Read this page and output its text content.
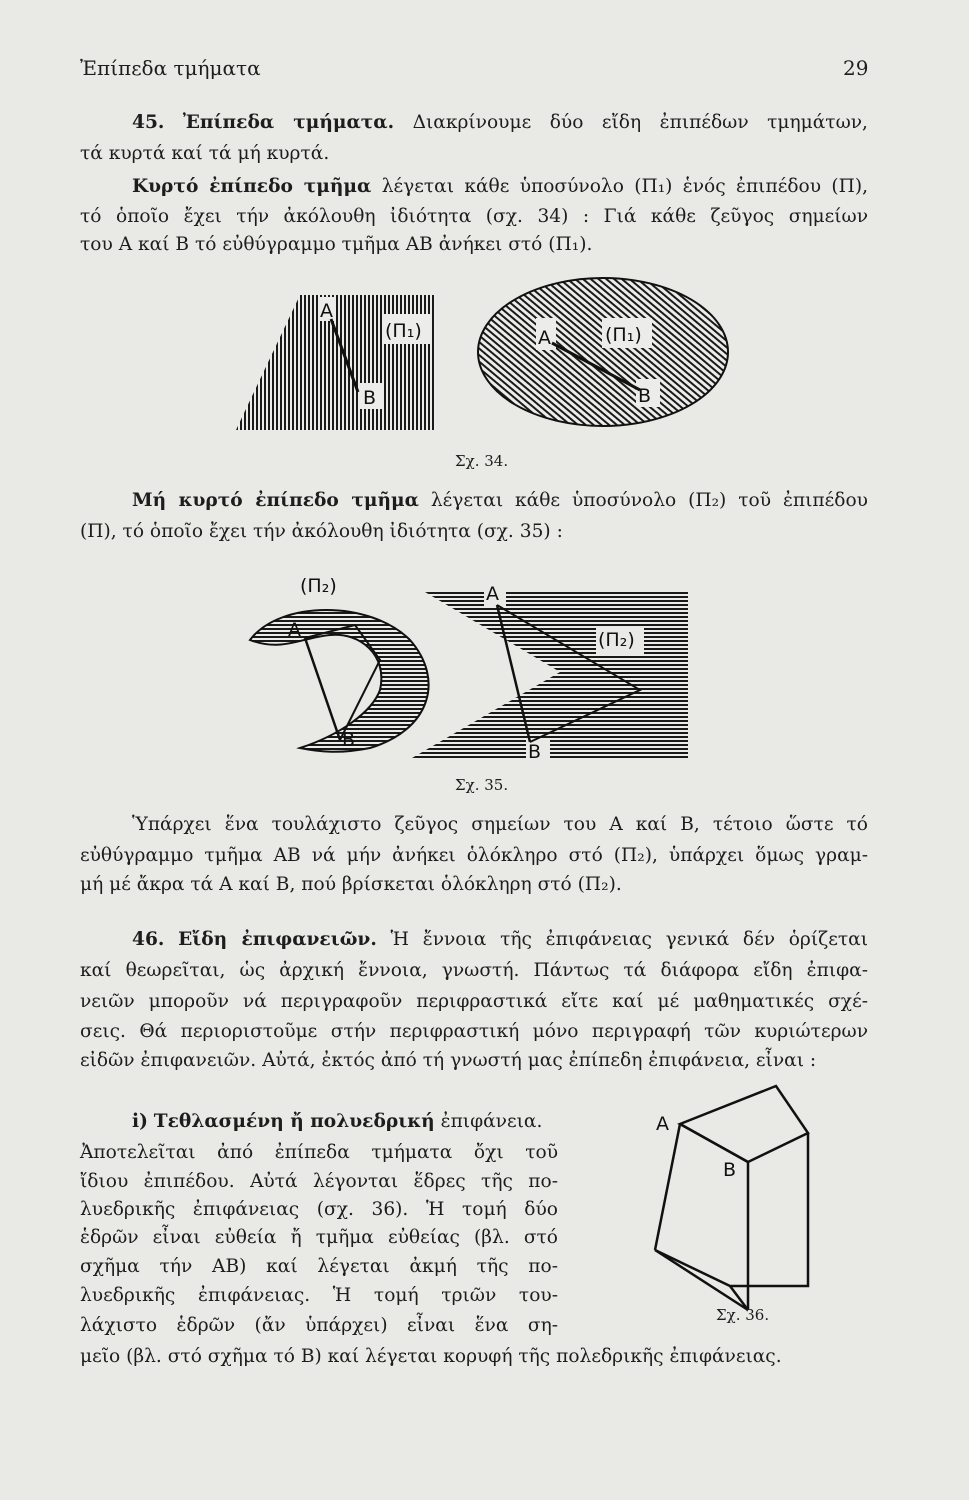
Ἐπίπεδα τμήματα	29
45. Ἐπίπεδα τμήματα. Διακρίνουμε δύο εἴδη ἐπιπέδων τμημάτων,
τά κυρτά καί τά μή κυρτά.
Κυρτό ἐπίπεδο τμῆμα λέγεται κάθε ὑποσύνολο (Π₁) ἑνός ἐπιπέδου (Π),
τό ὁποῖο ἔχει τήν ἀκόλουθη ἰδιότητα (σχ. 34) : Γιά κάθε ζεῦγος σημείων
του Α καί Β τό εὐθύγραμμο τμῆμα ΑΒ ἀνήκει στό (Π₁).
A
B
(Π₁)	A
B
(Π₁)
Σχ. 34.
Μή κυρτό ἐπίπεδο τμῆμα λέγεται κάθε ὑποσύνολο (Π₂) τοῦ ἐπιπέδου
(Π), τό ὁποῖο ἔχει τήν ἀκόλουθη ἰδιότητα (σχ. 35) :
A
B
(Π₂)	A
B
(Π₂)
Σχ. 35.
Ὑπάρχει ἕνα τουλάχιστο ζεῦγος σημείων του Α καί Β, τέτοιο ὥστε τό
εὐθύγραμμο τμῆμα ΑΒ νά μήν ἀνήκει ὁλόκληρο στό (Π₂), ὑπάρχει ὅμως γραμ-
μή μέ ἄκρα τά Α καί Β, πού βρίσκεται ὁλόκληρη στό (Π₂).
46. Εἴδη ἐπιφανειῶν. Ἡ ἔννοια τῆς ἐπιφάνειας γενικά δέν ὁρίζεται
καί θεωρεῖται, ὡς ἀρχική ἔννοια, γνωστή. Πάντως τά διάφορα εἴδη ἐπιφα-
νειῶν μποροῦν νά περιγραφοῦν περιφραστικά εἴτε καί μέ μαθηματικές σχέ-
σεις. Θά περιοριστοῦμε στήν περιφραστική μόνο περιγραφή τῶν κυριώτερων
εἰδῶν ἐπιφανειῶν. Αὐτά, ἐκτός ἀπό τή γνωστή μας ἐπίπεδη ἐπιφάνεια, εἶναι :
i) Τεθλασμένη ἤ πολυεδρική ἐπιφάνεια.
Ἀποτελεῖται ἀπό ἐπίπεδα τμήματα ὄχι τοῦ
ἴδιου ἐπιπέδου. Αὐτά λέγονται ἕδρες τῆς πο-
λυεδρικῆς ἐπιφάνειας (σχ. 36). Ἡ τομή δύο
ἑδρῶν εἶναι εὐθεία ἤ τμῆμα εὐθείας (βλ. στό
σχῆμα τήν ΑΒ) καί λέγεται ἀκμή τῆς πο-
λυεδρικῆς ἐπιφάνειας. Ἡ τομή τριῶν του-
λάχιστο ἑδρῶν (ἄν ὑπάρχει) εἶναι ἕνα ση-
μεῖο (βλ. στό σχῆμα τό Β) καί λέγεται κορυφή τῆς πολεδρικῆς ἐπιφάνειας.
A
B
Σχ. 36.
